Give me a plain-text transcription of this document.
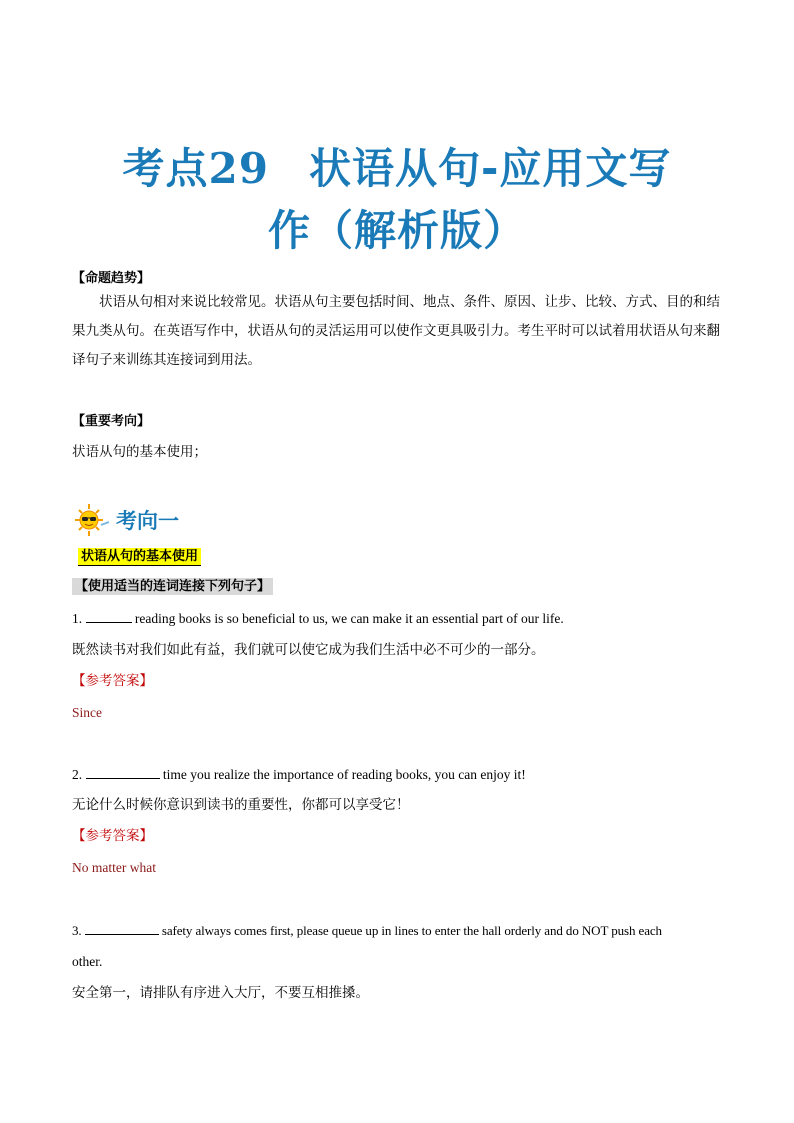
考点29 状语从句-应用文写
作（解析版）
【命题趋势】
状语从句相对来说比较常见。状语从句主要包括时间、地点、条件、原因、让步、比较、方式、目的和结果九类从句。在英语写作中，状语从句的灵活运用可以使作文更具吸引力。考生平时可以试着用状语从句来翻译句子来训练其连接词到用法。
【重要考向】
状语从句的基本使用；
考向一
状语从句的基本使用
【使用适当的连词连接下列句子】
1.	reading books is so beneficial to us, we can make it an essential part of our life.
既然读书对我们如此有益，我们就可以使它成为我们生活中必不可少的一部分。
【参考答案】
Since
2.	time you realize the importance of reading books, you can enjoy it!
无论什么时候你意识到读书的重要性，你都可以享受它！
【参考答案】
No matter what
3.	safety always comes first, please queue up in lines to enter the hall orderly and do NOT push each
other.
安全第一，请排队有序进入大厅，不要互相推搡。
